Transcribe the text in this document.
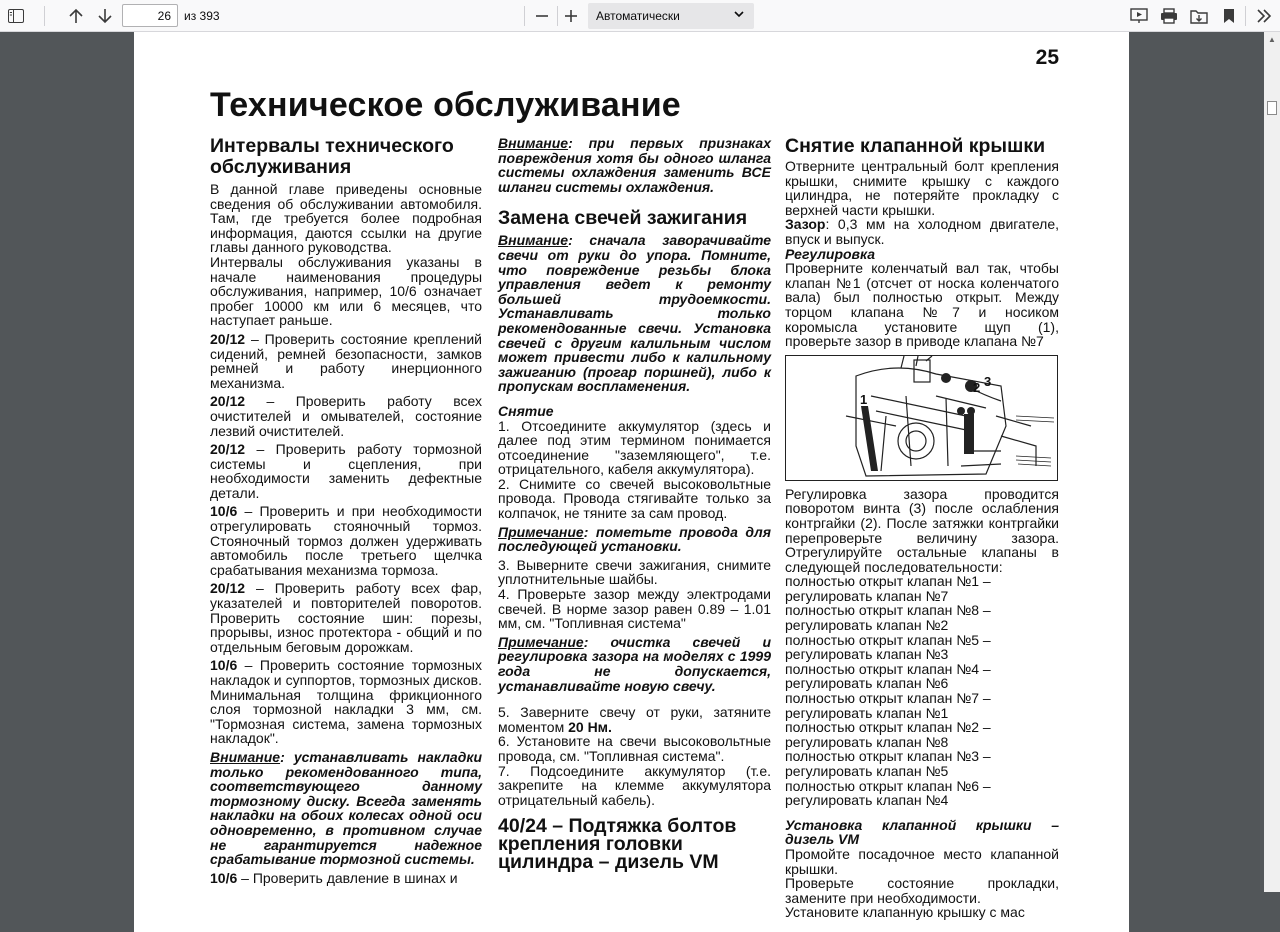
26
из 393	Автоматически
25
Техническое обслуживание
Интервалы технического обслуживания

В данной главе приведены основные сведения об обслуживании автомобиля. Там, где требуется более подробная информация, даются ссылки на другие главы данного руководства.

Интервалы обслуживания указаны в начале наименования процедуры обслуживания, например, 10/6 означает пробег 10000 км или 6 месяцев, что наступает раньше.

20/12 – Проверить состояние креплений сидений, ремней безопасности, замков ремней и работу инерционного механизма.

20/12 – Проверить работу всех очистителей и омывателей, состояние лезвий очистителей.

20/12 – Проверить работу тормозной системы и сцепления, при необходимости заменить дефектные детали.

10/6 – Проверить и при необходимости отрегулировать стояночный тормоз. Стояночный тормоз должен удерживать автомобиль после третьего щелчка срабатывания механизма тормоза.

20/12 – Проверить работу всех фар, указателей и повторителей поворотов. Проверить состояние шин: порезы, прорывы, износ протектора - общий и по отдельным беговым дорожкам.

10/6 – Проверить состояние тормозных накладок и суппортов, тормозных дисков. Минимальная толщина фрикционного слоя тормозной накладки 3 мм, см. "Тормозная система, замена тормозных накладок".

Внимание: устанавливать накладки только рекомендованного типа, соответствующего данному тормозному диску. Всегда заменять накладки на обоих колесах одной оси одновременно, в противном случае не гарантируется надежное срабатывание тормозной системы.

10/6 – Проверить давление в шинах и

Внимание: при первых признаках повреждения хотя бы одного шланга системы охлаждения заменить ВСЕ шланги системы охлаждения.

Замена свечей зажигания

Внимание: сначала заворачивайте свечи от руки до упора. Помните, что повреждение резьбы блока управления ведет к ремонту большей трудоемкости. Устанавливать только рекомендованные свечи. Установка свечей с другим калильным числом может привести либо к калильному зажиганию (прогар поршней), либо к пропускам воспламенения.

Снятие

1. Отсоедините аккумулятор (здесь и далее под этим термином понимается отсоединение "заземляющего", т.е. отрицательного, кабеля аккумулятора).

2. Снимите со свечей высоковольтные провода. Провода стягивайте только за колпачок, не тяните за сам провод.

Примечание: пометьте провода для последующей установки.

3. Выверните свечи зажигания, снимите уплотнительные шайбы.

4. Проверьте зазор между электродами свечей. В норме зазор равен 0.89 – 1.01 мм, см. "Топливная система"

Примечание: очистка свечей и регулировка зазора на моделях с 1999 года не допускается, устанавливайте новую свечу.

5. Заверните свечу от руки, затяните моментом 20 Нм.

6. Установите на свечи высоковольтные провода, см. "Топливная система".

7. Подсоедините аккумулятор (т.е. закрепите на клемме аккумулятора отрицательный кабель).

40/24 – Подтяжка болтов крепления головки цилиндра – дизель VM
Снятие клапанной крышки

Отверните центральный болт крепления крышки, снимите крышку с каждого цилиндра, не потеряйте прокладку с верхней части крышки.

Зазор: 0,3 мм на холодном двигателе, впуск и выпуск.

Регулировка

Проверните коленчатый вал так, чтобы клапан №1 (отсчет от носка коленчатого вала) был полностью открыт. Между торцом клапана №7 и носиком коромысла установите щуп (1), проверьте зазор в приводе клапана №7

1
2 3

Регулировка зазора проводится поворотом винта (3) после ослабления контргайки (2). После затяжки контргайки перепроверьте величину зазора. Отрегулируйте остальные клапаны в следующей последовательности:

полностью открыт клапан №1 –

регулировать клапан №7

полностью открыт клапан №8 –

регулировать клапан №2

полностью открыт клапан №5 –

регулировать клапан №3

полностью открыт клапан №4 –

регулировать клапан №6

полностью открыт клапан №7 –

регулировать клапан №1

полностью открыт клапан №2 –

регулировать клапан №8

полностью открыт клапан №3 –

регулировать клапан №5

полностью открыт клапан №6 –

регулировать клапан №4

Установка клапанной крышки – дизель VM

Промойте посадочное место клапанной крышки.

Проверьте состояние прокладки, замените при необходимости.

Установите клапанную крышку с мас

▲
